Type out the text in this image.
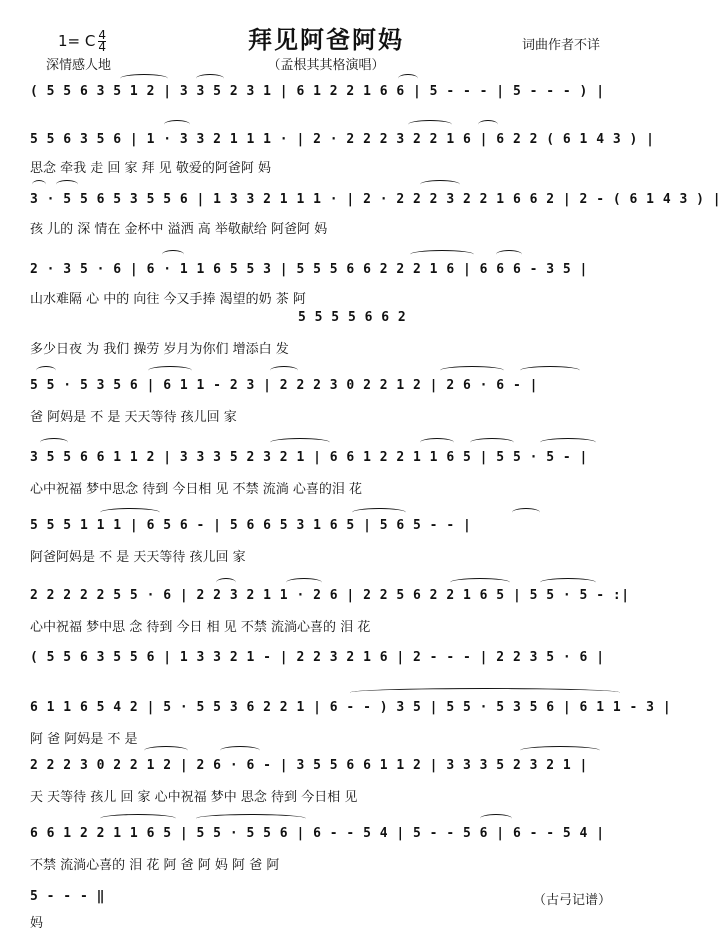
拜见阿爸阿妈
1= C $\frac{4}{4}$
深情感人地	（孟根其其格演唱）
词曲作者不详
( 5 5 6 3 5 1 2 | 3 3 5 2 3 1 | 6 1 2 2 1 6 6 | 5 - - - | 5 - - - ) |
5 5 6 3 5 6 | 1 · 3 3 2 1 1 1 · | 2 · 2 2 2 3 2 2 1 6 | 6 2 2 ( 6 1 4 3 ) |
思念 牵我 走 回 家 拜 见 敬爱的阿爸阿 妈
3 · 5 5 6 5 3 5 5 6 | 1 3 3 2 1 1 1 · | 2 · 2 2 2 3 2 2 1 6 6 2 | 2 - ( 6 1 4 3 ) |
孩 儿的 深 情在 金杯中 溢洒 高 举敬献给 阿爸阿 妈
2 · 3 5 · 6 | 6 · 1 1 6 5 5 3 | 5 5 5 6 6 2 2 2 1 6 | 6 6 6 - 3 5 |
山水难隔 心 中的 向往 今又手捧 渴望的奶 茶 阿
5 5 5 5 6 6 2
多少日夜 为 我们 操劳 岁月为你们 增添白 发
5 5 · 5 3 5 6 | 6 1 1 - 2 3 | 2 2 2 3 0 2 2 1 2 | 2 6 · 6 - |
爸 阿妈是 不 是 天天等待 孩儿回 家
3 5 5 6 6 1 1 2 | 3 3 3 5 2 3 2 1 | 6 6 1 2 2 1 1 6 5 | 5 5 · 5 - |
心中祝福 梦中思念 待到 今日相 见 不禁 流淌 心喜的泪 花
5 5 5 1 1 1 | 6 5 6 - | 5 6 6 5 3 1 6 5 | 5 6 5 - - |
阿爸阿妈是 不 是 天天等待 孩儿回 家
2 2 2 2 2 5 5 · 6 | 2 2 3 2 1 1 · 2 6 | 2 2 5 6 2 2 1 6 5 | 5 5 · 5 - :|
心中祝福 梦中思 念 待到 今日 相 见 不禁 流淌心喜的 泪 花
( 5 5 6 3 5 5 6 | 1 3 3 2 1 - | 2 2 3 2 1 6 | 2 - - - | 2 2 3 5 · 6 |
6 1 1 6 5 4 2 | 5 · 5 5 3 6 2 2 1 | 6 - - ) 3 5 | 5 5 · 5 3 5 6 | 6 1 1 - 3 |
阿 爸 阿妈是 不 是
2 2 2 3 0 2 2 1 2 | 2 6 · 6 - | 3 5 5 6 6 1 1 2 | 3 3 3 5 2 3 2 1 |
天 天等待 孩儿 回 家 心中祝福 梦中 思念 待到 今日相 见
6 6 1 2 2 1 1 6 5 | 5 5 · 5 5 6 | 6 - - 5 4 | 5 - - 5 6 | 6 - - 5 4 |
不禁 流淌心喜的 泪 花 阿 爸 阿 妈 阿 爸 阿
5 - - - ‖
妈
（古弓记谱）
